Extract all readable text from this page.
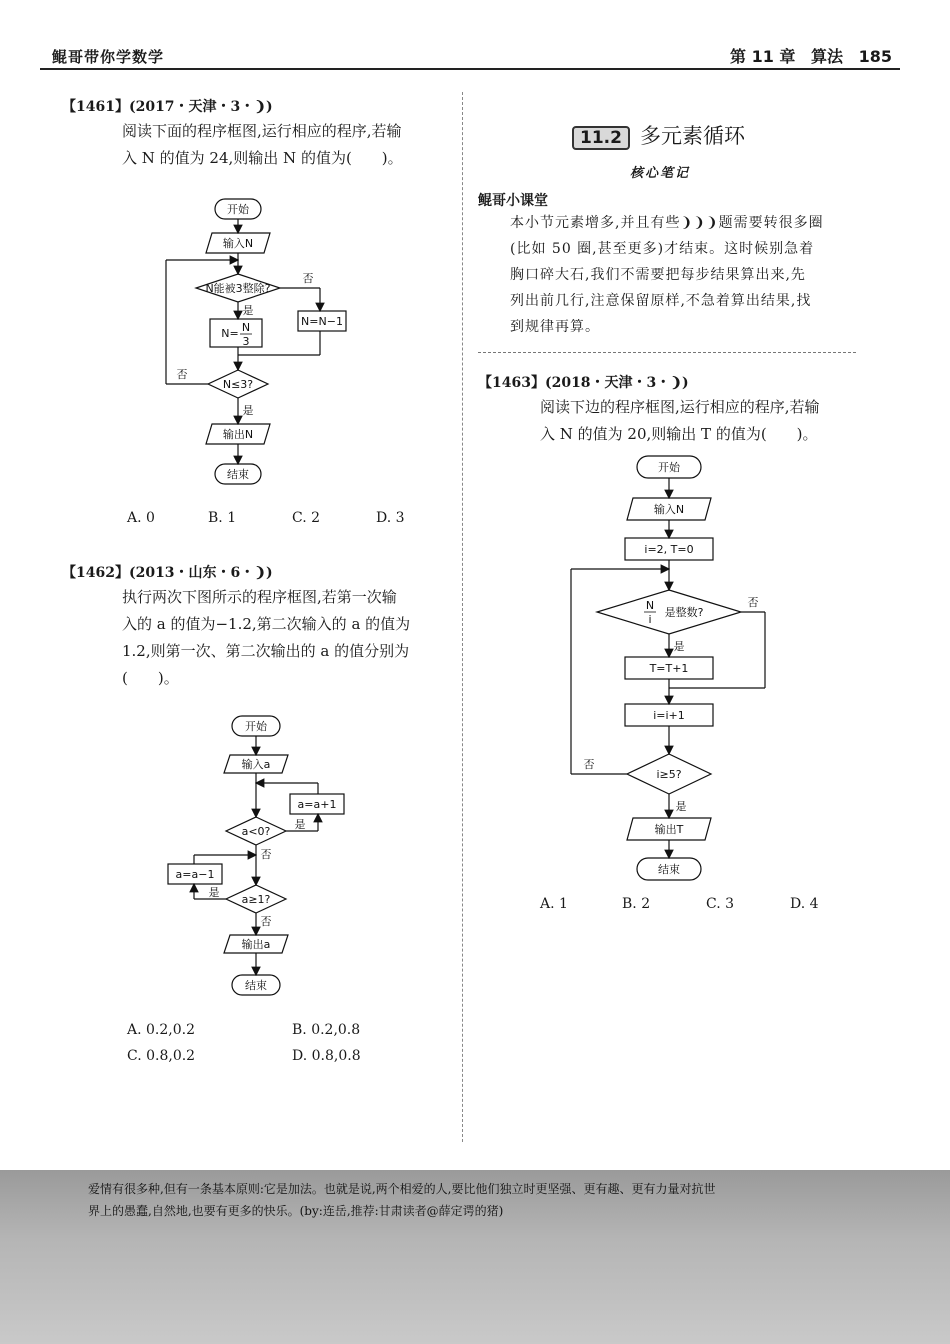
鲲哥带你学数学	第 11 章 算法 185
【1461】(2017・天津・3・❩)
阅读下面的程序框图,运行相应的程序,若输
入 N 的值为 24,则输出 N 的值为(　　)。
开始
输入N
N能被3整除?
是
否
N= N
3
N=N−1
N≤3?
否
是
输出N
结束
A. 0	B. 1	C. 2	D. 3
【1462】(2013・山东・6・❩)
执行两次下图所示的程序框图,若第一次输
入的 a 的值为−1.2,第二次输入的 a 的值为
1.2,则第一次、第二次输出的 a 的值分别为
(　　)。
开始
输入a
a<0?
a=a+1
是
否
a≥1?
a=a−1
是
否
输出a
结束
A. 0.2,0.2	B. 0.2,0.8
C. 0.8,0.2	D. 0.8,0.8
11.2 多元素循环
核心笔记
鲲哥小课堂
本小节元素增多,并且有些❩❩❩题需要转很多圈
(比如 50 圈,甚至更多)才结束。这时候别急着
胸口碎大石,我们不需要把每步结果算出来,先
列出前几行,注意保留原样,不急着算出结果,找
到规律再算。
【1463】(2018・天津・3・❩)
阅读下边的程序框图,运行相应的程序,若输
入 N 的值为 20,则输出 T 的值为(　　)。
开始
输入N
i=2, T=0
N
i
是整数?
是
否
T=T+1
i=i+1
i≥5?
否
是
输出T
结束
A. 1	B. 2	C. 3	D. 4
爱情有很多种,但有一条基本原则:它是加法。也就是说,两个相爱的人,要比他们独立时更坚强、更有趣、更有力量对抗世
界上的愚蠢,自然地,也要有更多的快乐。(by:连岳,推荐:甘肃读者@薛定谔的猪)
